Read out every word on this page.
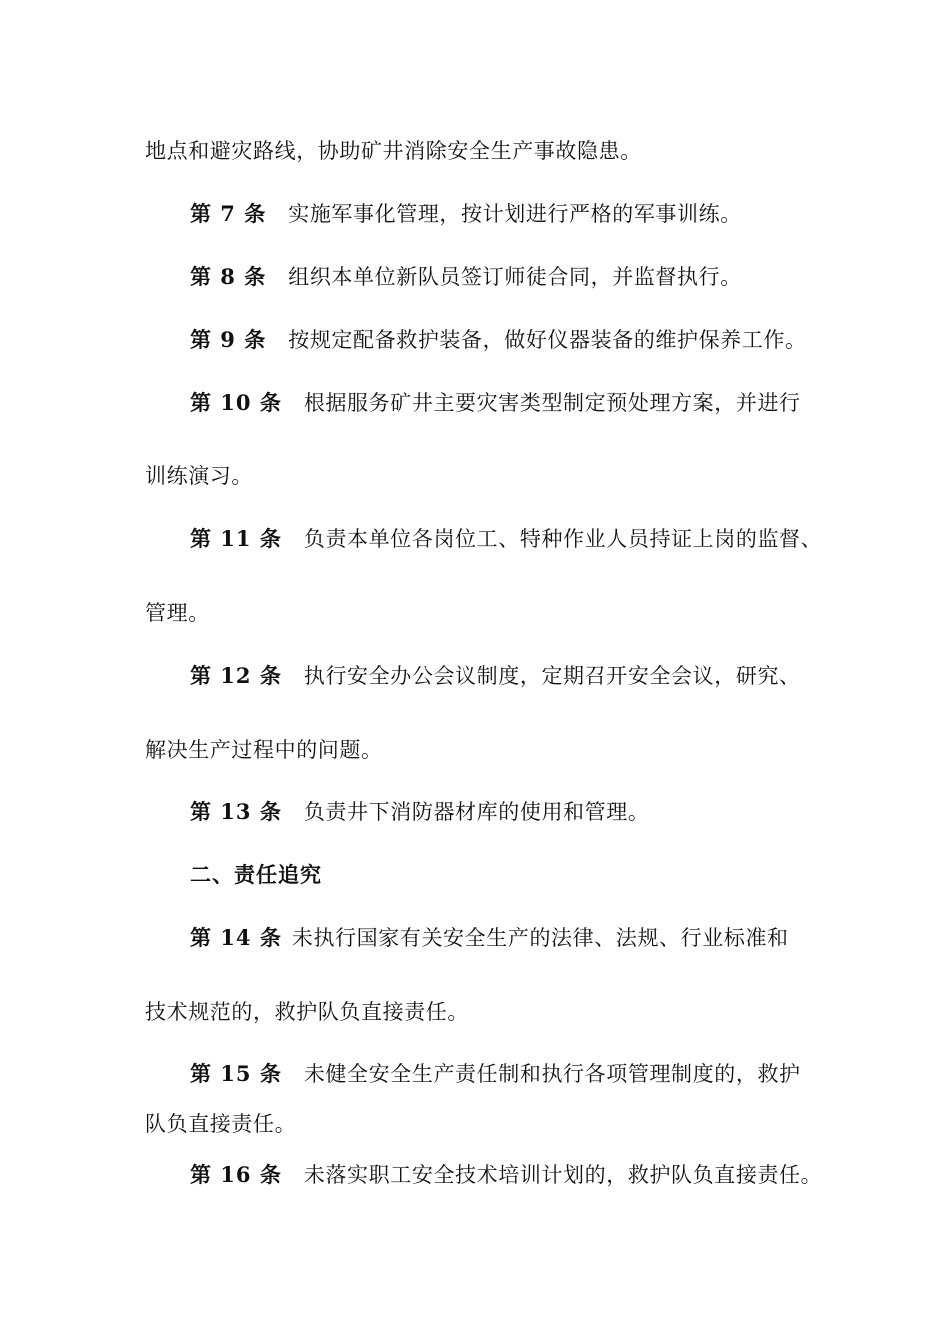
地点和避灾路线，协助矿井消除安全生产事故隐患。
第 7 条 实施军事化管理，按计划进行严格的军事训练。
第 8 条 组织本单位新队员签订师徒合同，并监督执行。
第 9 条 按规定配备救护装备，做好仪器装备的维护保养工作。
第 10 条 根据服务矿井主要灾害类型制定预处理方案，并进行
训练演习。
第 11 条 负责本单位各岗位工、特种作业人员持证上岗的监督、
管理。
第 12 条 执行安全办公会议制度，定期召开安全会议，研究、
解决生产过程中的问题。
第 13 条 负责井下消防器材库的使用和管理。
二、责任追究
第 14 条 未执行国家有关安全生产的法律、法规、行业标准和
技术规范的，救护队负直接责任。
第 15 条 未健全安全生产责任制和执行各项管理制度的，救护
队负直接责任。
第 16 条 未落实职工安全技术培训计划的，救护队负直接责任。
